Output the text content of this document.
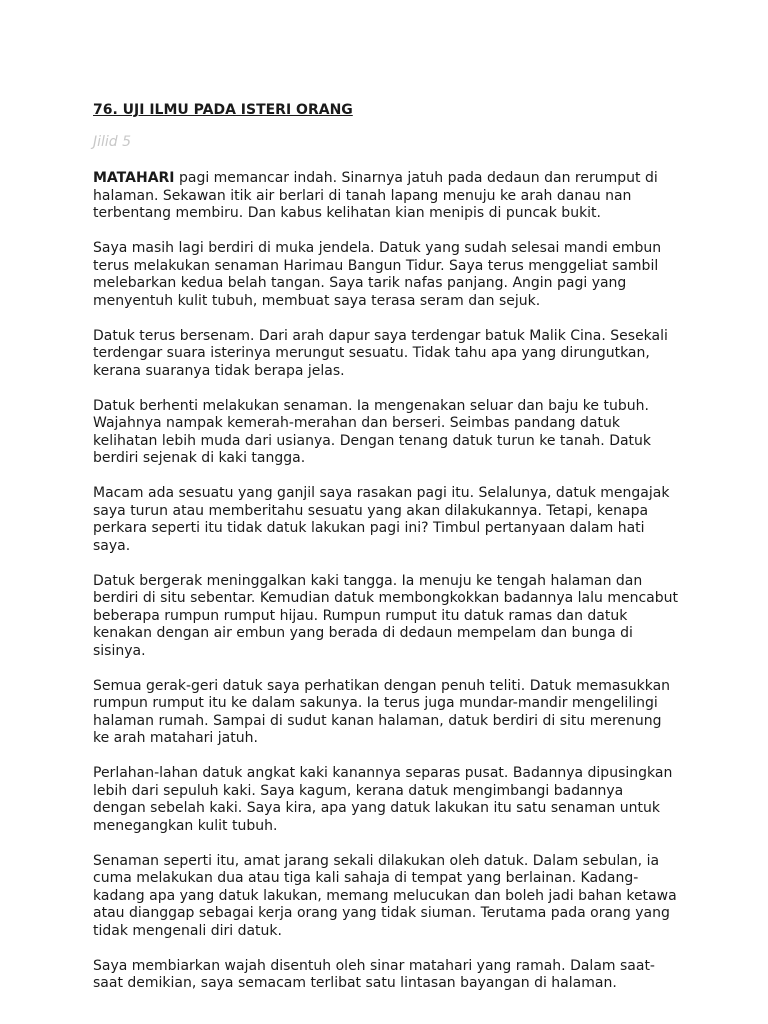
76. UJI ILMU PADA ISTERI ORANG
Jilid 5

MATAHARI pagi memancar indah. Sinarnya jatuh pada dedaun dan rerumput di halaman. Sekawan itik air berlari di tanah lapang menuju ke arah danau nan terbentang membiru. Dan kabus kelihatan kian menipis di puncak bukit.

Saya masih lagi berdiri di muka jendela. Datuk yang sudah selesai mandi embun terus melakukan senaman Harimau Bangun Tidur. Saya terus menggeliat sambil melebarkan kedua belah tangan. Saya tarik nafas panjang. Angin pagi yang menyentuh kulit tubuh, membuat saya terasa seram dan sejuk.

Datuk terus bersenam. Dari arah dapur saya terdengar batuk Malik Cina. Sesekali terdengar suara isterinya merungut sesuatu. Tidak tahu apa yang dirungutkan, kerana suaranya tidak berapa jelas.

Datuk berhenti melakukan senaman. Ia mengenakan seluar dan baju ke tubuh. Wajahnya nampak kemerah-merahan dan berseri. Seimbas pandang datuk kelihatan lebih muda dari usianya. Dengan tenang datuk turun ke tanah. Datuk berdiri sejenak di kaki tangga.

Macam ada sesuatu yang ganjil saya rasakan pagi itu. Selalunya, datuk mengajak saya turun atau memberitahu sesuatu yang akan dilakukannya. Tetapi, kenapa perkara seperti itu tidak datuk lakukan pagi ini? Timbul pertanyaan dalam hati saya.

Datuk bergerak meninggalkan kaki tangga. Ia menuju ke tengah halaman dan berdiri di situ sebentar. Kemudian datuk membongkokkan badannya lalu mencabut beberapa rumpun rumput hijau. Rumpun rumput itu datuk ramas dan datuk kenakan dengan air embun yang berada di dedaun mempelam dan bunga di sisinya.

Semua gerak-geri datuk saya perhatikan dengan penuh teliti. Datuk memasukkan rumpun rumput itu ke dalam sakunya. Ia terus juga mundar-mandir mengelilingi halaman rumah. Sampai di sudut kanan halaman, datuk berdiri di situ merenung ke arah matahari jatuh.

Perlahan-lahan datuk angkat kaki kanannya separas pusat. Badannya dipusingkan lebih dari sepuluh kaki. Saya kagum, kerana datuk mengimbangi badannya dengan sebelah kaki. Saya kira, apa yang datuk lakukan itu satu senaman untuk menegangkan kulit tubuh.

Senaman seperti itu, amat jarang sekali dilakukan oleh datuk. Dalam sebulan, ia cuma melakukan dua atau tiga kali sahaja di tempat yang berlainan. Kadang-kadang apa yang datuk lakukan, memang melucukan dan boleh jadi bahan ketawa atau dianggap sebagai kerja orang yang tidak siuman. Terutama pada orang yang tidak mengenali diri datuk.

Saya membiarkan wajah disentuh oleh sinar matahari yang ramah. Dalam saat-saat demikian, saya semacam terlibat satu lintasan bayangan di halaman.
